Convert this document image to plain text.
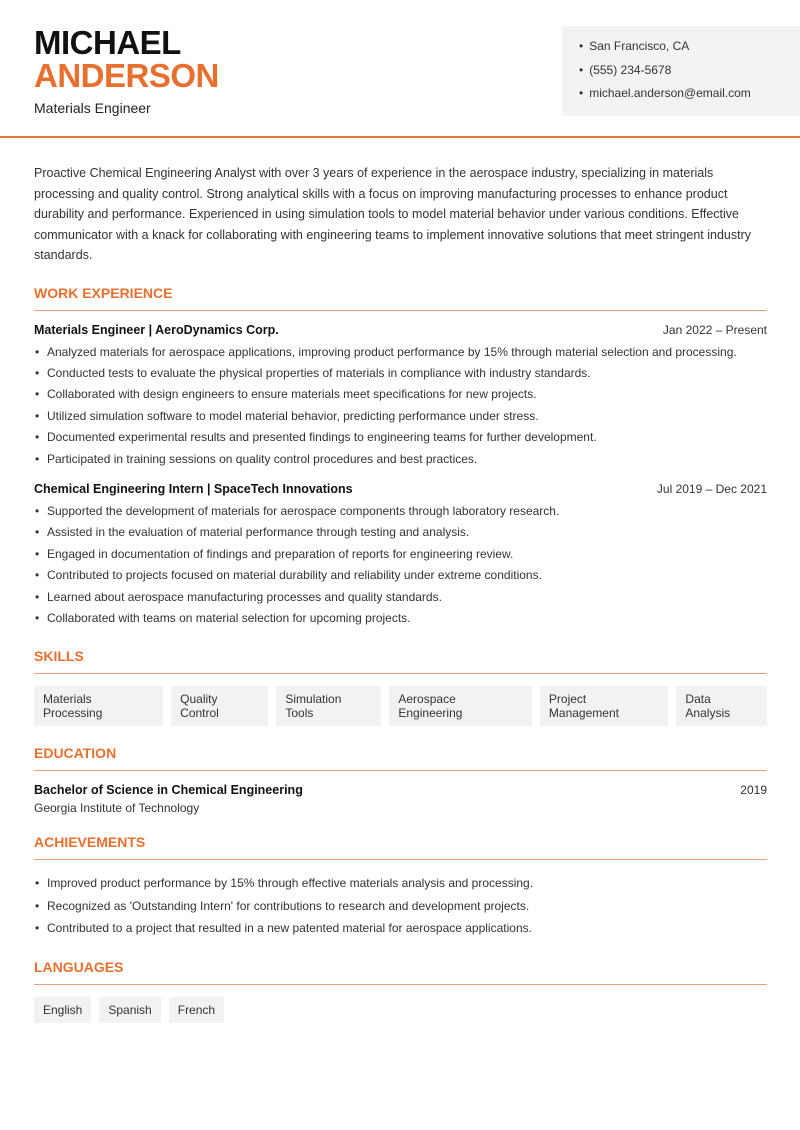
MICHAEL
ANDERSON
Materials Engineer
• San Francisco, CA
• (555) 234-5678
• michael.anderson@email.com

Proactive Chemical Engineering Analyst with over 3 years of experience in the aerospace industry, specializing in materials processing and quality control. Strong analytical skills with a focus on improving manufacturing processes to enhance product durability and performance. Experienced in using simulation tools to model material behavior under various conditions. Effective communicator with a knack for collaborating with engineering teams to implement innovative solutions that meet stringent industry standards.

WORK EXPERIENCE
Materials Engineer | AeroDynamics Corp.	Jan 2022 – Present
• Analyzed materials for aerospace applications, improving product performance by 15% through material selection and processing.
• Conducted tests to evaluate the physical properties of materials in compliance with industry standards.
• Collaborated with design engineers to ensure materials meet specifications for new projects.
• Utilized simulation software to model material behavior, predicting performance under stress.
• Documented experimental results and presented findings to engineering teams for further development.
• Participated in training sessions on quality control procedures and best practices.
Chemical Engineering Intern | SpaceTech Innovations	Jul 2019 – Dec 2021
• Supported the development of materials for aerospace components through laboratory research.
• Assisted in the evaluation of material performance through testing and analysis.
• Engaged in documentation of findings and preparation of reports for engineering review.
• Contributed to projects focused on material durability and reliability under extreme conditions.
• Learned about aerospace manufacturing processes and quality standards.
• Collaborated with teams on material selection for upcoming projects.
SKILLS
Materials Processing
Quality Control
Simulation Tools
Aerospace Engineering
Project Management
Data Analysis
EDUCATION
Bachelor of Science in Chemical Engineering	2019
Georgia Institute of Technology
ACHIEVEMENTS
• Improved product performance by 15% through effective materials analysis and processing.
• Recognized as 'Outstanding Intern' for contributions to research and development projects.
• Contributed to a project that resulted in a new patented material for aerospace applications.
LANGUAGES
English	Spanish	French
